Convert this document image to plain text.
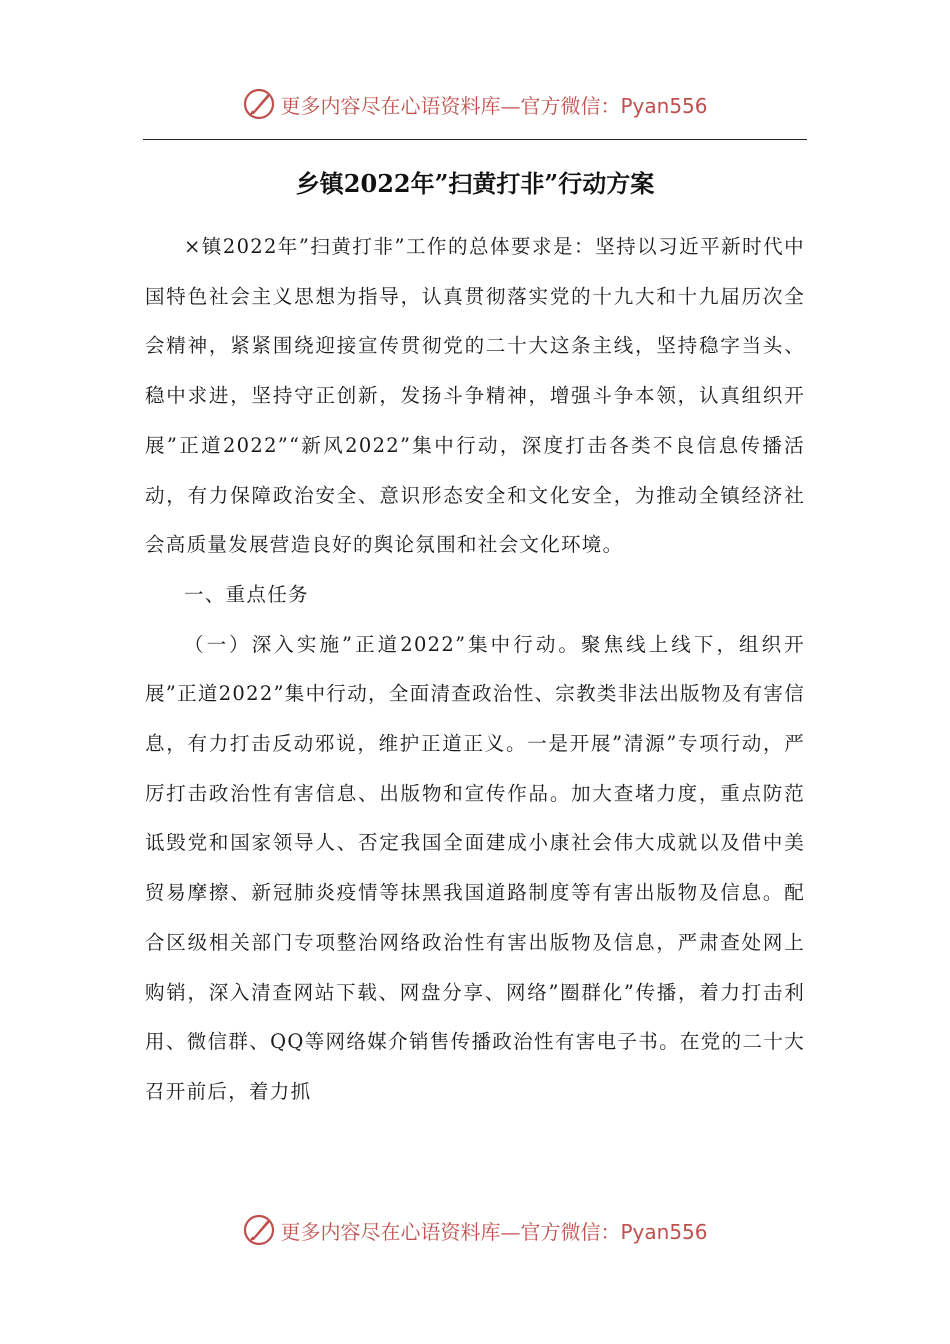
更多内容尽在心语资料库—官方微信：Pyan556
乡镇2022年”扫黄打非”行动方案

×镇2022年”扫黄打非”工作的总体要求是：坚持以习近平新时代中国特色社会主义思想为指导，认真贯彻落实党的十九大和十九届历次全会精神，紧紧围绕迎接宣传贯彻党的二十大这条主线，坚持稳字当头、稳中求进，坚持守正创新，发扬斗争精神，增强斗争本领，认真组织开展”正道2022”“新风2022”集中行动，深度打击各类不良信息传播活动，有力保障政治安全、意识形态安全和文化安全，为推动全镇经济社会高质量发展营造良好的舆论氛围和社会文化环境。

一、重点任务

（一）深入实施”正道2022”集中行动。聚焦线上线下，组织开展”正道2022”集中行动，全面清查政治性、宗教类非法出版物及有害信息，有力打击反动邪说，维护正道正义。一是开展”清源”专项行动，严厉打击政治性有害信息、出版物和宣传作品。加大查堵力度，重点防范诋毁党和国家领导人、否定我国全面建成小康社会伟大成就以及借中美贸易摩擦、新冠肺炎疫情等抹黑我国道路制度等有害出版物及信息。配合区级相关部门专项整治网络政治性有害出版物及信息，严肃查处网上购销，深入清查网站下载、网盘分享、网络”圈群化”传播，着力打击利用、微信群、QQ等网络媒介销售传播政治性有害电子书。在党的二十大召开前后，着力抓

更多内容尽在心语资料库—官方微信：Pyan556
